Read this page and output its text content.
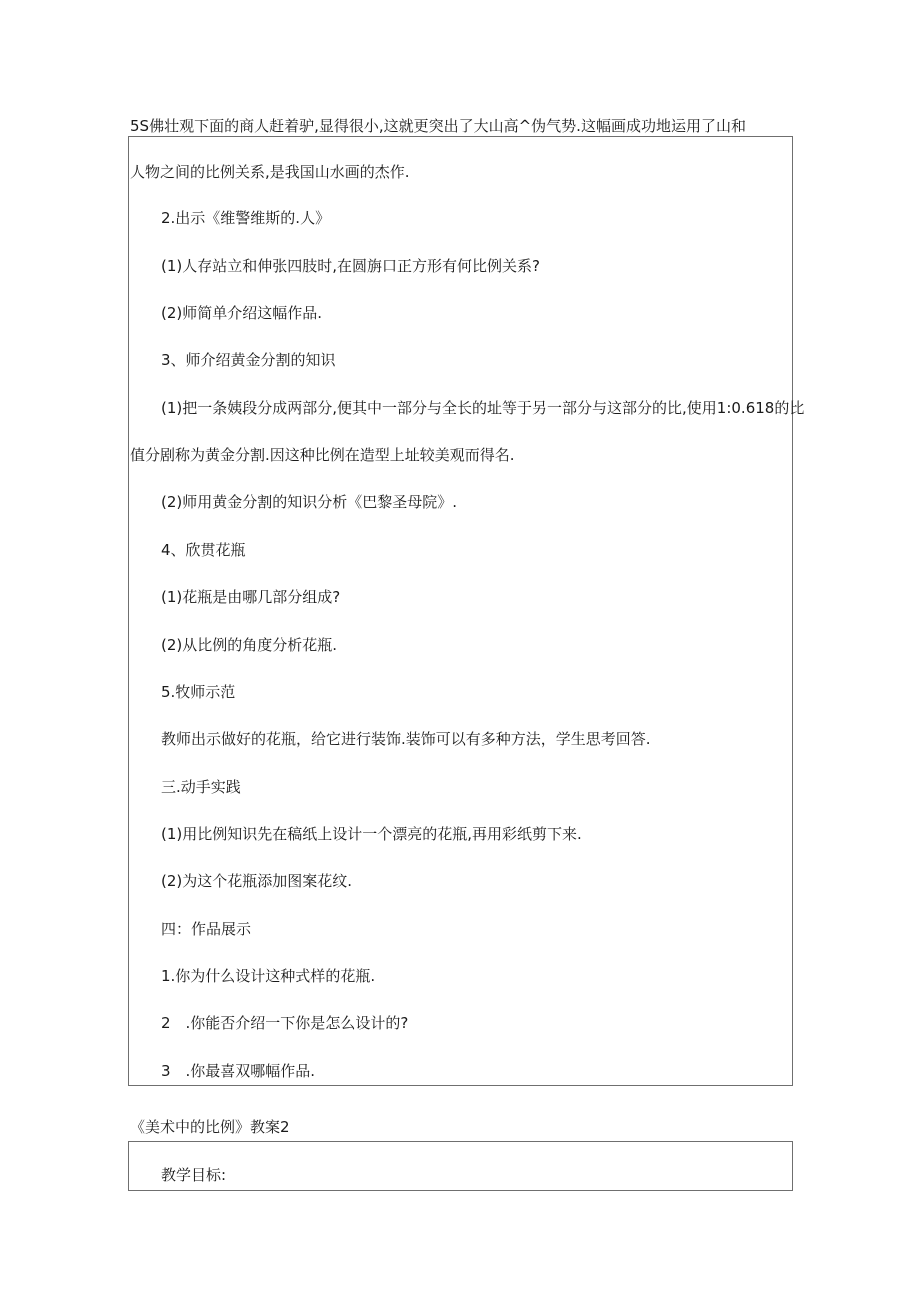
5S佛壮观下面的商人赶着驴,显得很小,这就更突出了大山高^伪气势.这幅画成功地运用了山和
人物之间的比例关系,是我国山水画的杰作.
2.出示《维警维斯的.人》
(1)人存站立和伸张四肢时,在圆旃口正方形有何比例关系?
(2)师简单介绍这幅作品.
3、师介绍黄金分割的知识
(1)把一条姨段分成两部分,便其中一部分与全长的址等于另一部分与这部分的比,使用1:0.618的比
值分剧称为黄金分割.因这种比例在造型上址较美观而得名.
(2)师用黄金分割的知识分析《巴黎圣母院》.
4、欣贯花瓶
(1)花瓶是由哪几部分组成?
(2)从比例的角度分析花瓶.
5.牧师示范
教师出示做好的花瓶，给它进行装饰.装饰可以有多种方法，学生思考回答.
三.动手实践
(1)用比例知识先在稿纸上设计一个漂亮的花瓶,再用彩纸剪下来.
(2)为这个花瓶添加图案花纹.
四：作品展示
1.你为什么设计这种式样的花瓶.
2　.你能否介绍一下你是怎么设计的?
3　.你最喜双哪幅作品.
《美术中的比例》教案2
教学目标:
